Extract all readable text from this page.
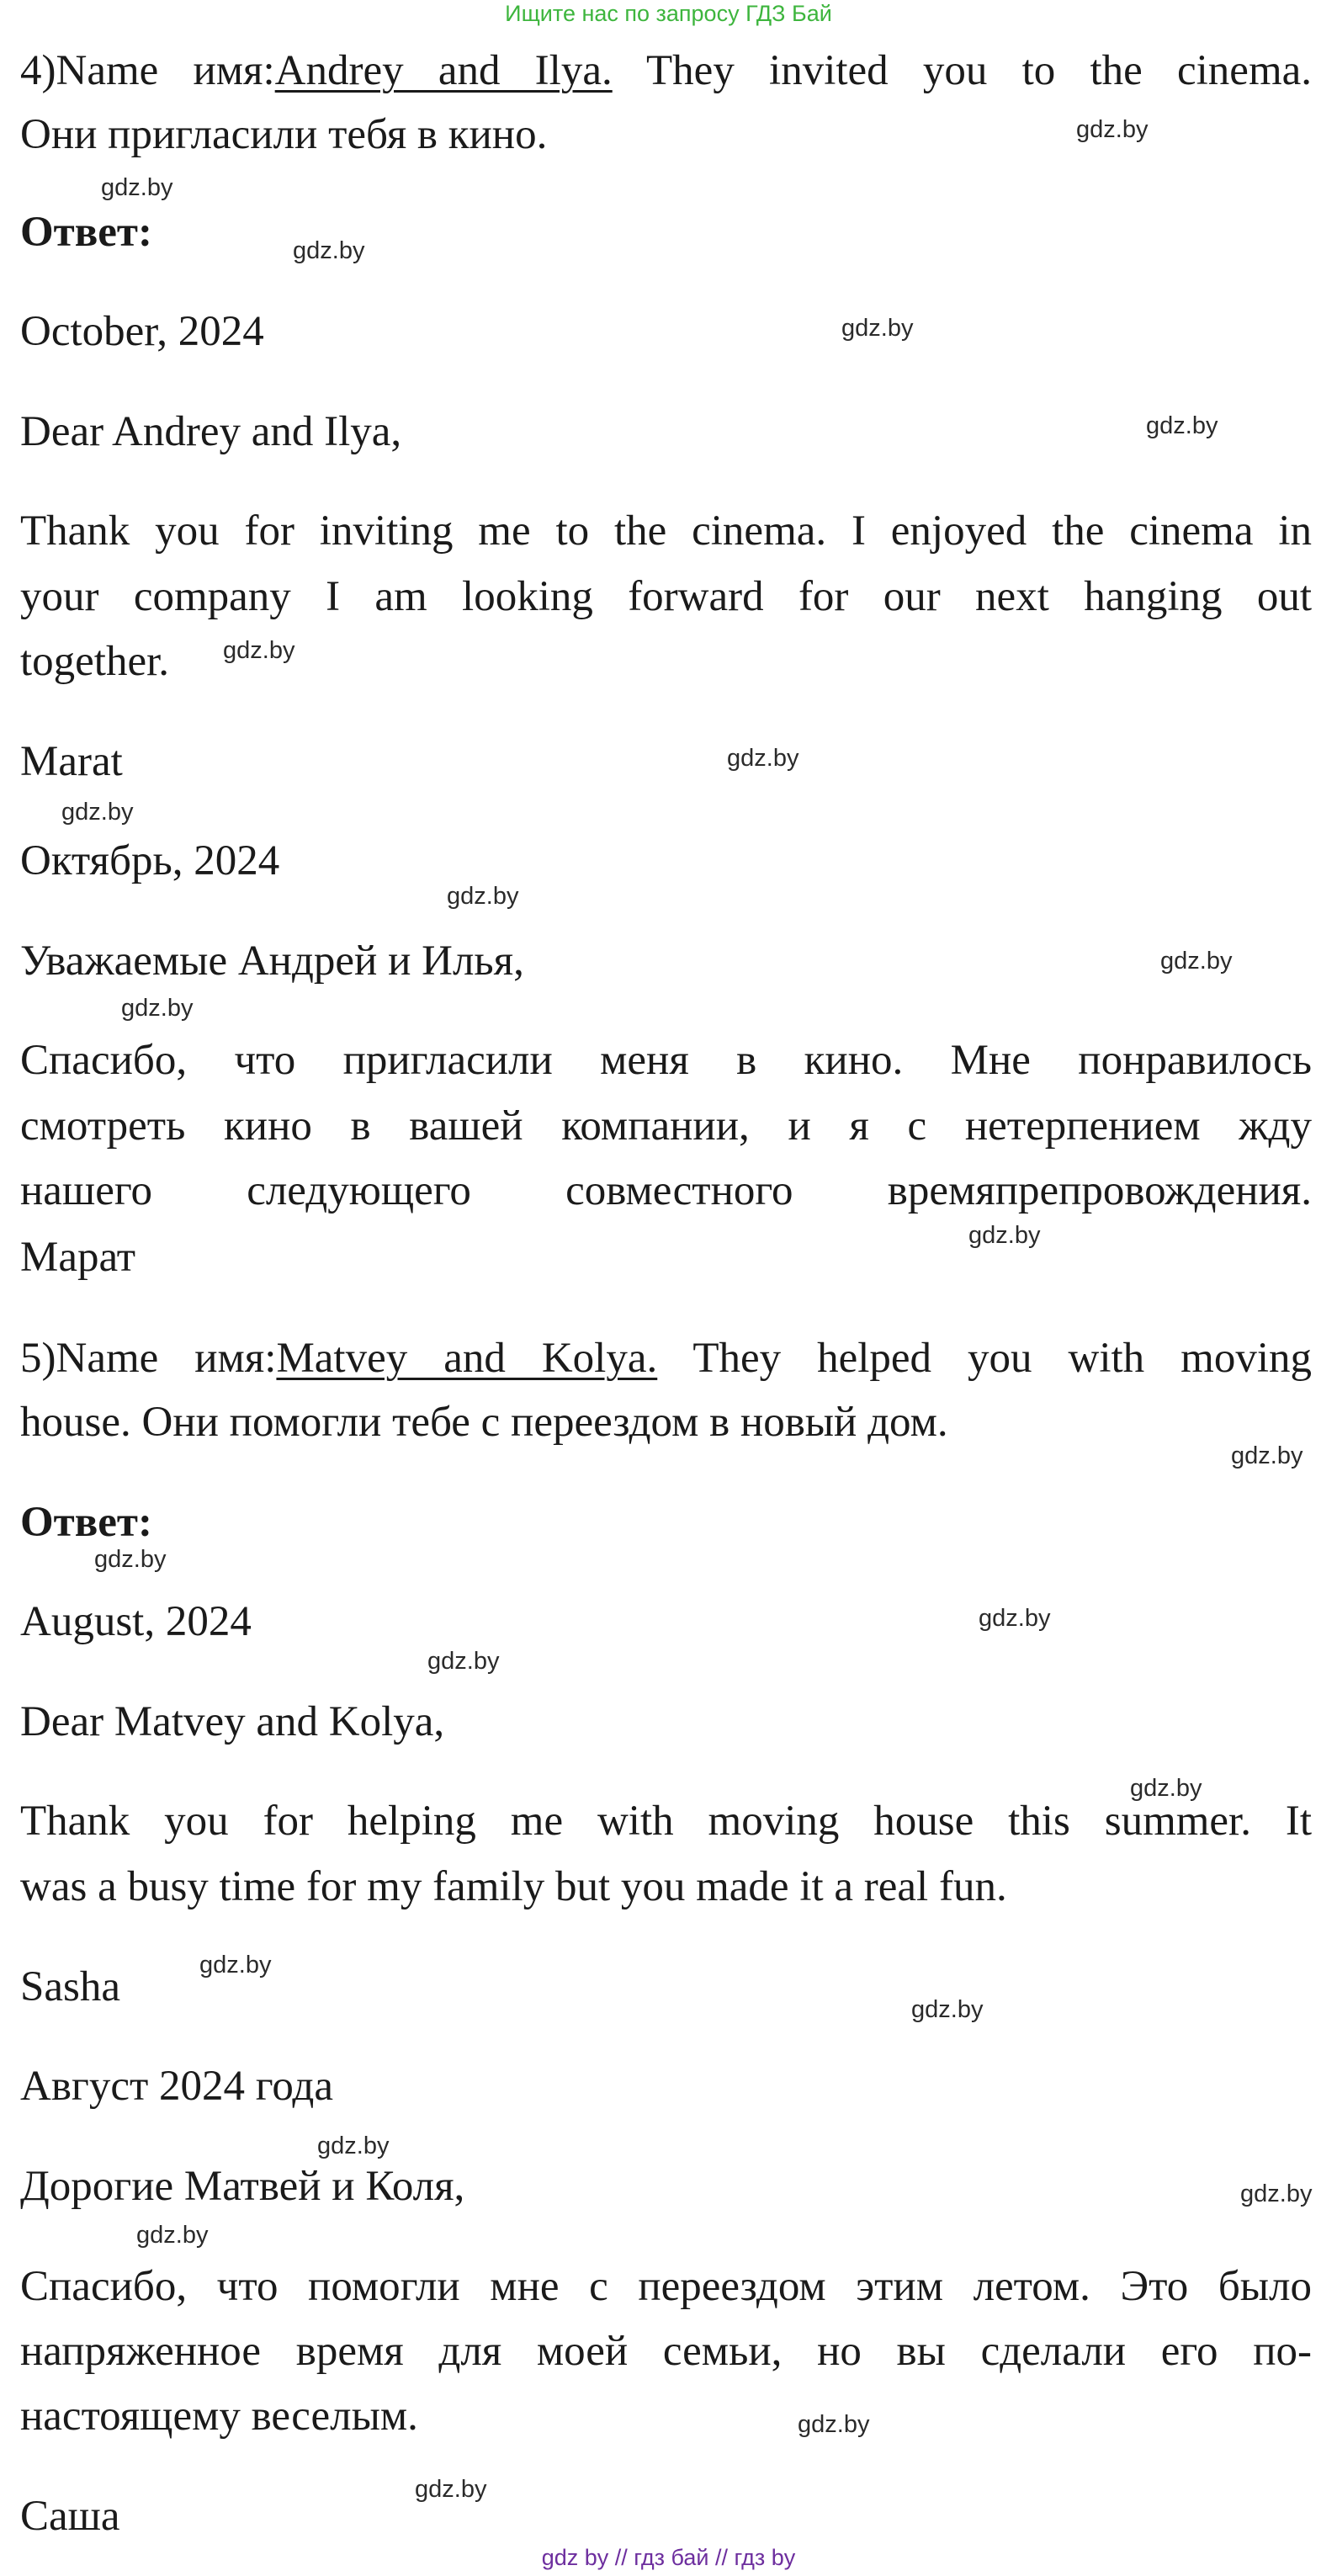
Ищите нас по запросу ГДЗ Бай
4)Name имя:Andrey and Ilya. They invited you to the cinema.
Они пригласили тебя в кино.
Ответ:
October, 2024
Dear Andrey and Ilya,
Thank you for inviting me to the cinema. I enjoyed the cinema in
your company I am looking forward for our next hanging out
together.
Marat
Октябрь, 2024
Уважаемые Андрей и Илья,
Спасибо, что пригласили меня в кино. Мне понравилось
смотреть кино в вашей компании, и я с нетерпением жду
нашего следующего совместного времяпрепровождения.
Марат
5)Name имя:Matvey and Kolya. They helped you with moving
house. Они помогли тебе с переездом в новый дом.
Ответ:
August, 2024
Dear Matvey and Kolya,
Thank you for helping me with moving house this summer. It
was a busy time for my family but you made it a real fun.
Sasha
Август 2024 года
Дорогие Матвей и Коля,
Спасибо, что помогли мне с переездом этим летом. Это было
напряженное время для моей семьи, но вы сделали его по-
настоящему веселым.
Саша
gdz.by
gdz.by
gdz.by
gdz.by
gdz.by
gdz.by
gdz.by
gdz.by
gdz.by
gdz.by
gdz.by
gdz.by
gdz.by
gdz.by
gdz.by
gdz.by
gdz.by
gdz.by
gdz.by
gdz.by
gdz.by
gdz.by
gdz.by
gdz.by
gdz by // гдз бай // гдз by
